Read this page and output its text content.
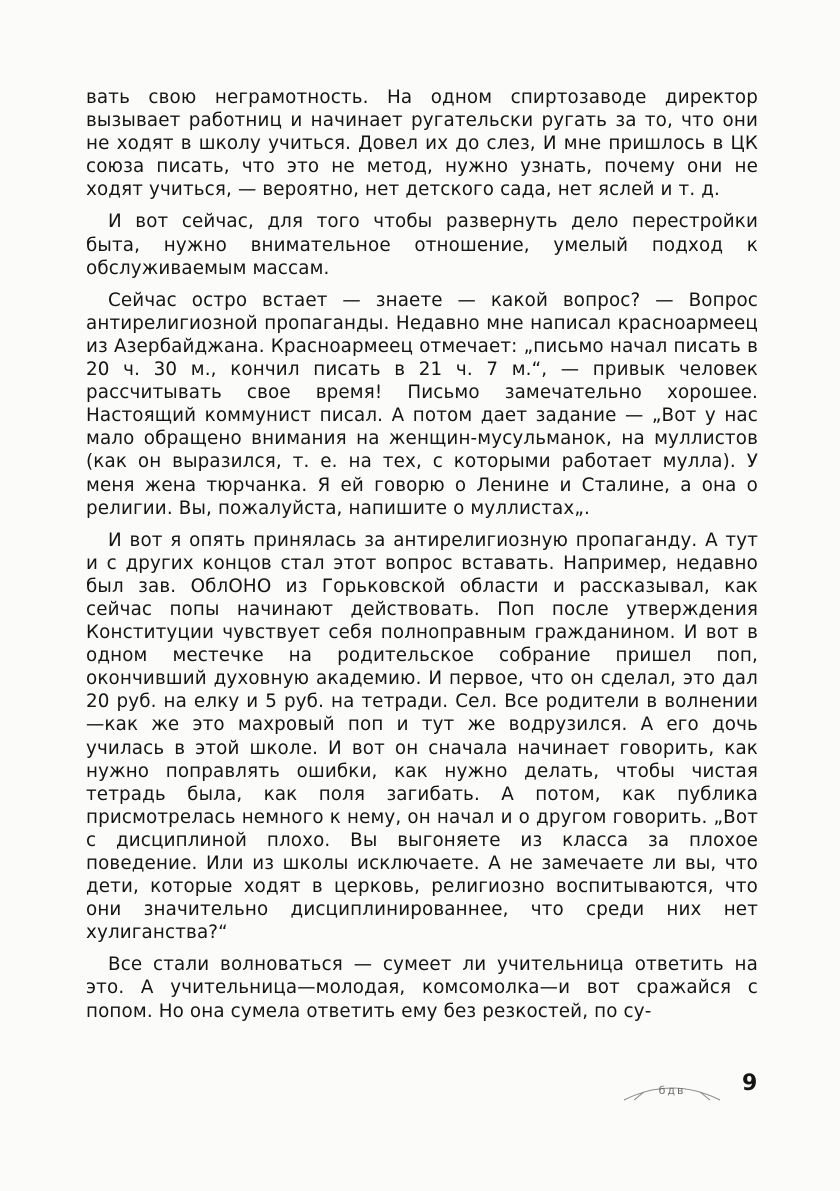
вать свою неграмотность. На одном спиртозаводе директор вызывает работниц и начинает ругательски ругать за то, что они не ходят в школу учиться. Довел их до слез, И мне пришлось в ЦК союза писать, что это не метод, нужно узнать, почему они не ходят учиться, — вероятно, нет детского сада, нет яслей и т. д.

И вот сейчас, для того чтобы развернуть дело перестройки быта, нужно внимательное отношение, умелый подход к обслуживаемым массам.

Сейчас остро встает — знаете — какой вопрос? — Вопрос антирелигиозной пропаганды. Недавно мне написал красноармеец из Азербайджана. Красноармеец отмечает: „письмо начал писать в 20 ч. 30 м., кончил писать в 21 ч. 7 м.“, — привык человек рассчитывать свое время! Письмо замечательно хорошее. Настоящий коммунист писал. А потом дает задание — „Вот у нас мало обращено внимания на женщин-мусульманок, на муллистов (как он выразился, т. е. на тех, с которыми работает мулла). У меня жена тюрчанка. Я ей говорю о Ленине и Сталине, а она о религии. Вы, пожалуйста, напишите о муллистах„.

И вот я опять принялась за антирелигиозную пропаганду. А тут и с других концов стал этот вопрос вставать. Например, недавно был зав. ОблОНО из Горьковской области и рассказывал, как сейчас попы начинают действовать. Поп после утверждения Конституции чувствует себя полноправным гражданином. И вот в одном местечке на родительское собрание пришел поп, окончивший духовную академию. И первое, что он сделал, это дал 20 руб. на елку и 5 руб. на тетради. Сел. Все родители в волнении—как же это махровый поп и тут же водрузился. А его дочь училась в этой школе. И вот он сначала начинает говорить, как нужно поправлять ошибки, как нужно делать, чтобы чистая тетрадь была, как поля загибать. А потом, как публика присмотрелась немного к нему, он начал и о другом говорить. „Вот с дисциплиной плохо. Вы выгоняете из класса за плохое поведение. Или из школы исключаете. А не замечаете ли вы, что дети, которые ходят в церковь, религиозно воспитываются, что они значительно дисциплинированнее, что среди них нет хулиганства?“

Все стали волноваться — сумеет ли учительница ответить на это. А учительница—молодая, комсомолка—и вот сражайся с попом. Но она сумела ответить ему без резкостей, по су-

бдв	9
